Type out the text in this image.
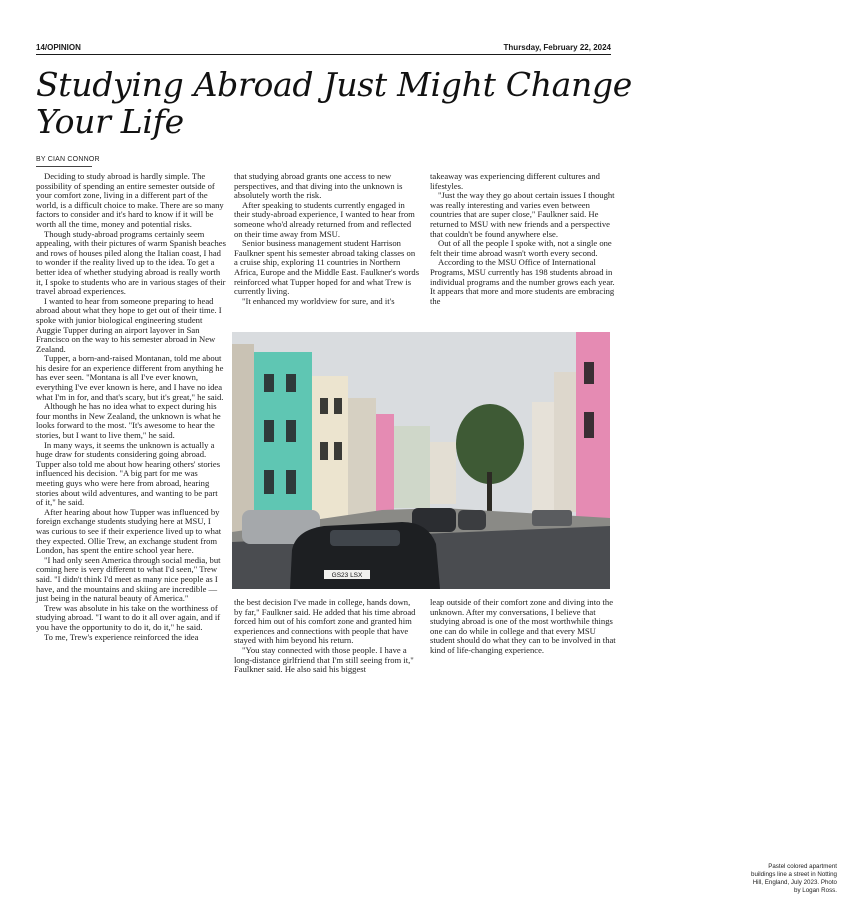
14/OPINION	Thursday, February 22, 2024
Studying Abroad Just Might Change Your Life
BY CIAN CONNOR

Deciding to study abroad is hardly simple. The possibility of spending an entire semester outside of your comfort zone, living in a different part of the world, is a difficult choice to make. There are so many factors to consider and it's hard to know if it will be worth all the time, money and potential risks.

Though study-abroad programs certainly seem appealing, with their pictures of warm Spanish beaches and rows of houses piled along the Italian coast, I had to wonder if the reality lived up to the idea. To get a better idea of whether studying abroad is really worth it, I spoke to students who are in various stages of their travel abroad experiences.

I wanted to hear from someone preparing to head abroad about what they hope to get out of their time. I spoke with junior biological engineering student Auggie Tupper during an airport layover in San Francisco on the way to his semester abroad in New Zealand.

Tupper, a born-and-raised Montanan, told me about his desire for an experience different from anything he has ever seen. "Montana is all I've ever known, everything I've ever known is here, and I have no idea what I'm in for, and that's scary, but it's great," he said.

Although he has no idea what to expect during his four months in New Zealand, the unknown is what he looks forward to the most. "It's awesome to hear the stories, but I want to live them," he said.

In many ways, it seems the unknown is actually a huge draw for students considering going abroad. Tupper also told me about how hearing others' stories influenced his decision. "A big part for me was meeting guys who were here from abroad, hearing stories about wild adventures, and wanting to be part of it," he said.

After hearing about how Tupper was influenced by foreign exchange students studying here at MSU, I was curious to see if their experience lived up to what they expected. Ollie Trew, an exchange student from London, has spent the entire school year here.

"I had only seen America through social media, but coming here is very different to what I'd seen," Trew said. "I didn't think I'd meet as many nice people as I have, and the mountains and skiing are incredible — just being in the natural beauty of America."

Trew was absolute in his take on the worthiness of studying abroad. "I want to do it all over again, and if you have the opportunity to do it, do it," he said.

To me, Trew's experience reinforced the idea

that studying abroad grants one access to new perspectives, and that diving into the unknown is absolutely worth the risk.

After speaking to students currently engaged in their study-abroad experience, I wanted to hear from someone who'd already returned from and reflected on their time away from MSU.

Senior business management student Harrison Faulkner spent his semester abroad taking classes on a cruise ship, exploring 11 countries in Northern Africa, Europe and the Middle East. Faulkner's words reinforced what Tupper hoped for and what Trew is currently living.

"It enhanced my worldview for sure, and it's

takeaway was experiencing different cultures and lifestyles.

"Just the way they go about certain issues I thought was really interesting and varies even between countries that are super close," Faulkner said. He returned to MSU with new friends and a perspective that couldn't be found anywhere else.

Out of all the people I spoke with, not a single one felt their time abroad wasn't worth every second.

According to the MSU Office of International Programs, MSU currently has 198 students abroad in individual programs and the number grows each year. It appears that more and more students are embracing the

GS23 LSX
Pastel colored apartment buildings line a street in Notting Hill, England, July 2023. Photo by Logan Ross.

the best decision I've made in college, hands down, by far," Faulkner said. He added that his time abroad forced him out of his comfort zone and granted him experiences and connections with people that have stayed with him beyond his return.

"You stay connected with those people. I have a long-distance girlfriend that I'm still seeing from it," Faulkner said. He also said his biggest

leap outside of their comfort zone and diving into the unknown. After my conversations, I believe that studying abroad is one of the most worthwhile things one can do while in college and that every MSU student should do what they can to be involved in that kind of life-changing experience.
